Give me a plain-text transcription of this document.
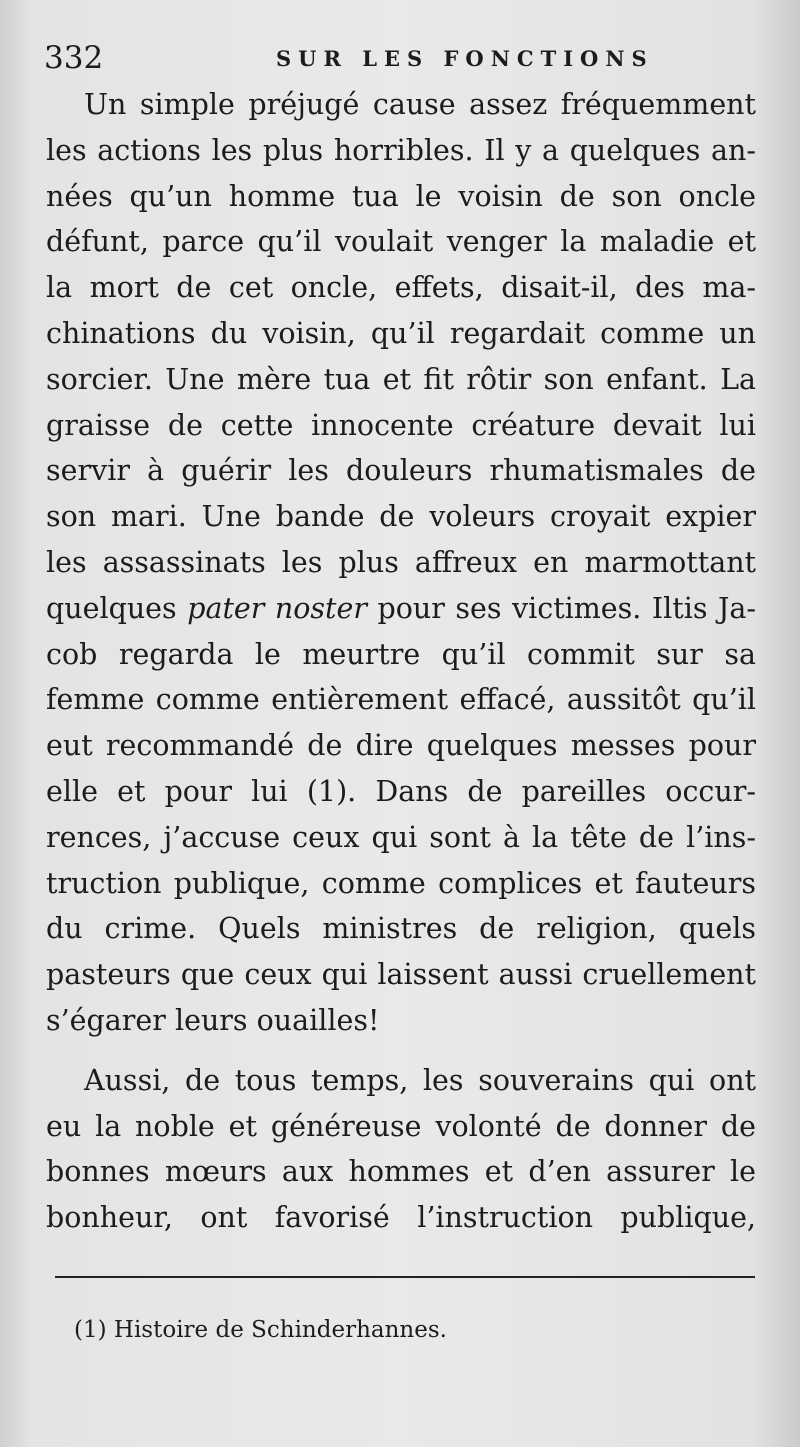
332	SUR LES FONCTIONS
Un simple préjugé cause assez fréquemment
les actions les plus horribles. Il y a quelques an-
nées qu’un homme tua le voisin de son oncle
défunt, parce qu’il voulait venger la maladie et
la mort de cet oncle, effets, disait-il, des ma-
chinations du voisin, qu’il regardait comme un
sorcier. Une mère tua et fit rôtir son enfant. La
graisse de cette innocente créature devait lui
servir à guérir les douleurs rhumatismales de
son mari. Une bande de voleurs croyait expier
les assassinats les plus affreux en marmottant
quelques pater noster pour ses victimes. Iltis Ja-
cob regarda le meurtre qu’il commit sur sa
femme comme entièrement effacé, aussitôt qu’il
eut recommandé de dire quelques messes pour
elle et pour lui (1). Dans de pareilles occur-
rences, j’accuse ceux qui sont à la tête de l’ins-
truction publique, comme complices et fauteurs
du crime. Quels ministres de religion, quels
pasteurs que ceux qui laissent aussi cruellement
s’égarer leurs ouailles!
Aussi, de tous temps, les souverains qui ont
eu la noble et généreuse volonté de donner de
bonnes mœurs aux hommes et d’en assurer le
bonheur, ont favorisé l’instruction publique,
(1) Histoire de Schinderhannes.
